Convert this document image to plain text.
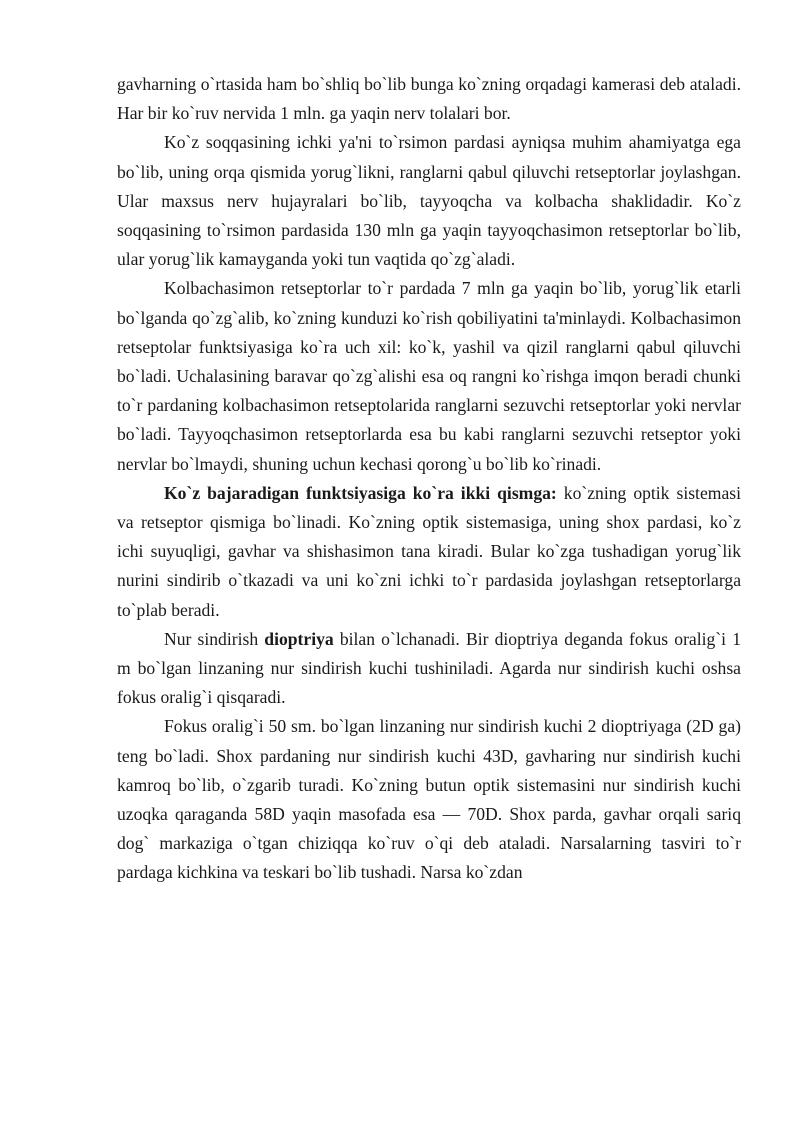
gavharning o`rtasida ham bo`shliq bo`lib bunga ko`zning orqadagi kamerasi deb ataladi. Har bir ko`ruv nervida 1 mln. ga yaqin nerv tolalari bor.

Ko`z soqqasining ichki ya'ni to`rsimon pardasi ayniqsa muhim ahamiyatga ega bo`lib, uning orqa qismida yorug`likni, ranglarni qabul qiluvchi retseptorlar joylashgan. Ular maxsus nerv hujayralari bo`lib, tayyoqcha va kolbacha shaklidadir. Ko`z soqqasining to`rsimon pardasida 130 mln ga yaqin tayyoqchasimon retseptorlar bo`lib, ular yorug`lik kamayganda yoki tun vaqtida qo`zg`aladi.

Kolbachasimon retseptorlar to`r pardada 7 mln ga yaqin bo`lib, yorug`lik etarli bo`lganda qo`zg`alib, ko`zning kunduzi ko`rish qobiliyatini ta'minlaydi. Kolbachasimon retseptolar funktsiyasiga ko`ra uch xil: ko`k, yashil va qizil ranglarni qabul qiluvchi bo`ladi. Uchalasining baravar qo`zg`alishi esa oq rangni ko`rishga imqon beradi chunki to`r pardaning kolbachasimon retseptolarida ranglarni sezuvchi retseptorlar yoki nervlar bo`ladi. Tayyoqchasimon retseptorlarda esa bu kabi ranglarni sezuvchi retseptor yoki nervlar bo`lmaydi, shuning uchun kechasi qorong`u bo`lib ko`rinadi.

Ko`z bajaradigan funktsiyasiga ko`ra ikki qismga: ko`zning optik sistemasi va retseptor qismiga bo`linadi. Ko`zning optik sistemasiga, uning shox pardasi, ko`z ichi suyuqligi, gavhar va shishasimon tana kiradi. Bular ko`zga tushadigan yorug`lik nurini sindirib o`tkazadi va uni ko`zni ichki to`r pardasida joylashgan retseptorlarga to`plab beradi.

Nur sindirish dioptriya bilan o`lchanadi. Bir dioptriya deganda fokus oralig`i 1 m bo`lgan linzaning nur sindirish kuchi tushiniladi. Agarda nur sindirish kuchi oshsa fokus oralig`i qisqaradi.

Fokus oralig`i 50 sm. bo`lgan linzaning nur sindirish kuchi 2 dioptriyaga (2D ga) teng bo`ladi. Shox pardaning nur sindirish kuchi 43D, gavharing nur sindirish kuchi kamroq bo`lib, o`zgarib turadi. Ko`zning butun optik sistemasini nur sindirish kuchi uzoqka qaraganda 58D yaqin masofada esa — 70D. Shox parda, gavhar orqali sariq dog` markaziga o`tgan chiziqqa ko`ruv o`qi deb ataladi. Narsalarning tasviri to`r pardaga kichkina va teskari bo`lib tushadi. Narsa ko`zdan
